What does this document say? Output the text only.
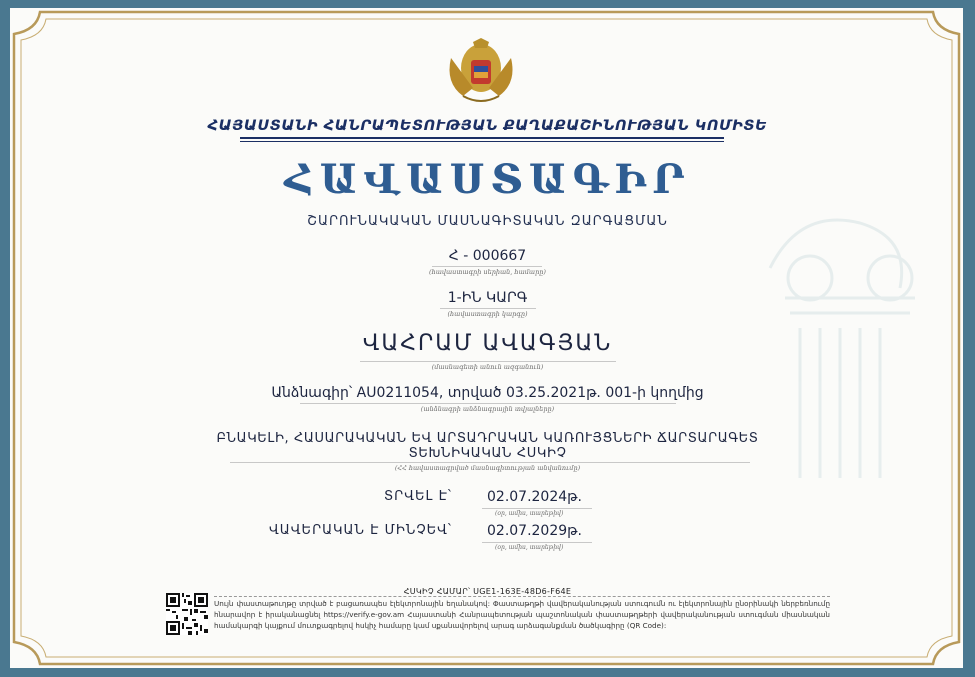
ՀԱՅԱՍՏԱՆԻ ՀԱՆՐԱՊԵՏՈՒԹՅԱՆ ՔԱՂԱՔԱՇԻՆՈՒԹՅԱՆ ԿՈՄԻՏԵ
ՀԱՎԱՍՏԱԳԻՐ
ՇԱՐՈՒՆԱԿԱԿԱՆ ՄԱՍՆԱԳԻՏԱԿԱՆ ԶԱՐԳԱՑՄԱՆ
Հ - 000667
(հավաստագրի սերիան, համարը)
1-ԻՆ ԿԱՐԳ
(հավաստագրի կարգը)
ՎԱՀՐԱՄ ԱՎԱԳՅԱՆ
(մասնագետի անուն ազգանուն)
Անձնագիր՝ AU0211054, տրված 03.25.2021թ. 001-ի կողմից
(անձնագրի անձնագրային տվյալները)
ԲՆԱԿԵԼԻ, ՀԱՍԱՐԱԿԱԿԱՆ ԵՎ ԱՐՏԱԴՐԱԿԱՆ ԿԱՌՈՒՅՑՆԵՐԻ ՃԱՐՏԱՐԱԳԵՏ
ՏԵԽՆԻԿԱԿԱՆ ՀՍԿԻՉ
(ՀՀ հավաստագրված մասնագիտության անվանումը)
ՏՐՎԵԼ Է՝	02.07.2024թ.
(օր, ամիս, տարեթիվ)
ՎԱՎԵՐԱԿԱՆ Է ՄԻՆՉԵՎ՝	02.07.2029թ.
(օր, ամիս, տարեթիվ)
ՀՍԿԻՉ ՀԱՄԱՐ՝ UGE1-163E-48D6-F64E
Սույն փաստաթուղթը տրված է բացառապես էլեկտրոնային եղանակով: Փաստաթղթի վավերականության ստուգումն ու էլեկտրոնային ընօրինակի ներբեռնումը հնարավոր է իրականացնել https://verify.e-gov.am Հայաստանի Հանրապետության պաշտոնական փաստաթղթերի վավերականության ստուգման միասնական համակարգի կայքում մուտքագրելով հսկիչ համարը կամ սքանավորելով արագ արձագանքման ծածկագիրը (QR Code):
